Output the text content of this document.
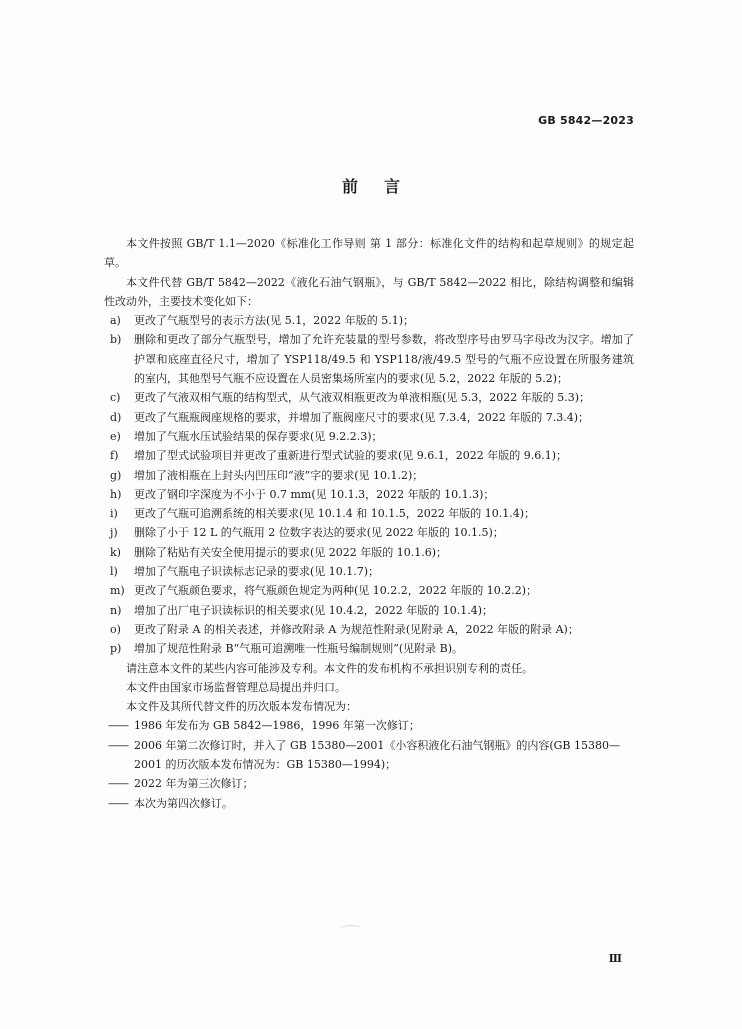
GB 5842—2023
前言

本文件按照 GB/T 1.1—2020《标准化工作导则 第 1 部分：标准化文件的结构和起草规则》的规定起草。

本文件代替 GB/T 5842—2022《液化石油气钢瓶》，与 GB/T 5842—2022 相比，除结构调整和编辑性改动外，主要技术变化如下：

a)	更改了气瓶型号的表示方法(见 5.1，2022 年版的 5.1)；
b)	删除和更改了部分气瓶型号，增加了允许充装量的型号参数，将改型序号由罗马字母改为汉字。增加了护罩和底座直径尺寸，增加了 YSP118/49.5 和 YSP118/液/49.5 型号的气瓶不应设置在所服务建筑的室内，其他型号气瓶不应设置在人员密集场所室内的要求(见 5.2，2022 年版的 5.2)；
c)	更改了气液双相气瓶的结构型式，从气液双相瓶更改为单液相瓶(见 5.3，2022 年版的 5.3)；
d)	更改了气瓶瓶阀座规格的要求，并增加了瓶阀座尺寸的要求(见 7.3.4，2022 年版的 7.3.4)；
e)	增加了气瓶水压试验结果的保存要求(见 9.2.2.3)；
f)	增加了型式试验项目并更改了重新进行型式试验的要求(见 9.6.1，2022 年版的 9.6.1)；
g)	增加了液相瓶在上封头内凹压印“液”字的要求(见 10.1.2)；
h)	更改了钢印字深度为不小于 0.7 mm(见 10.1.3，2022 年版的 10.1.3)；
i)	更改了气瓶可追溯系统的相关要求(见 10.1.4 和 10.1.5，2022 年版的 10.1.4)；
j)	删除了小于 12 L 的气瓶用 2 位数字表达的要求(见 2022 年版的 10.1.5)；
k)	删除了粘贴有关安全使用提示的要求(见 2022 年版的 10.1.6)；
l)	增加了气瓶电子识读标志记录的要求(见 10.1.7)；
m) 更改了气瓶颜色要求，将气瓶颜色规定为两种(见 10.2.2，2022 年版的 10.2.2)；
n)	增加了出厂电子识读标识的相关要求(见 10.4.2，2022 年版的 10.1.4)；
o)	更改了附录 A 的相关表述，并修改附录 A 为规范性附录(见附录 A，2022 年版的附录 A)；
p)	增加了规范性附录 B“气瓶可追溯唯一性瓶号编制规则”(见附录 B)。

请注意本文件的某些内容可能涉及专利。本文件的发布机构不承担识别专利的责任。

本文件由国家市场监督管理总局提出并归口。

本文件及其所代替文件的历次版本发布情况为：

—— 1986 年发布为 GB 5842—1986，1996 年第一次修订；
—— 2006 年第二次修订时，并入了 GB 15380—2001《小容积液化石油气钢瓶》的内容(GB 15380—2001 的历次版本发布情况为：GB 15380—1994)；
—— 2022 年为第三次修订；
—— 本次为第四次修订。
Ⅲ
